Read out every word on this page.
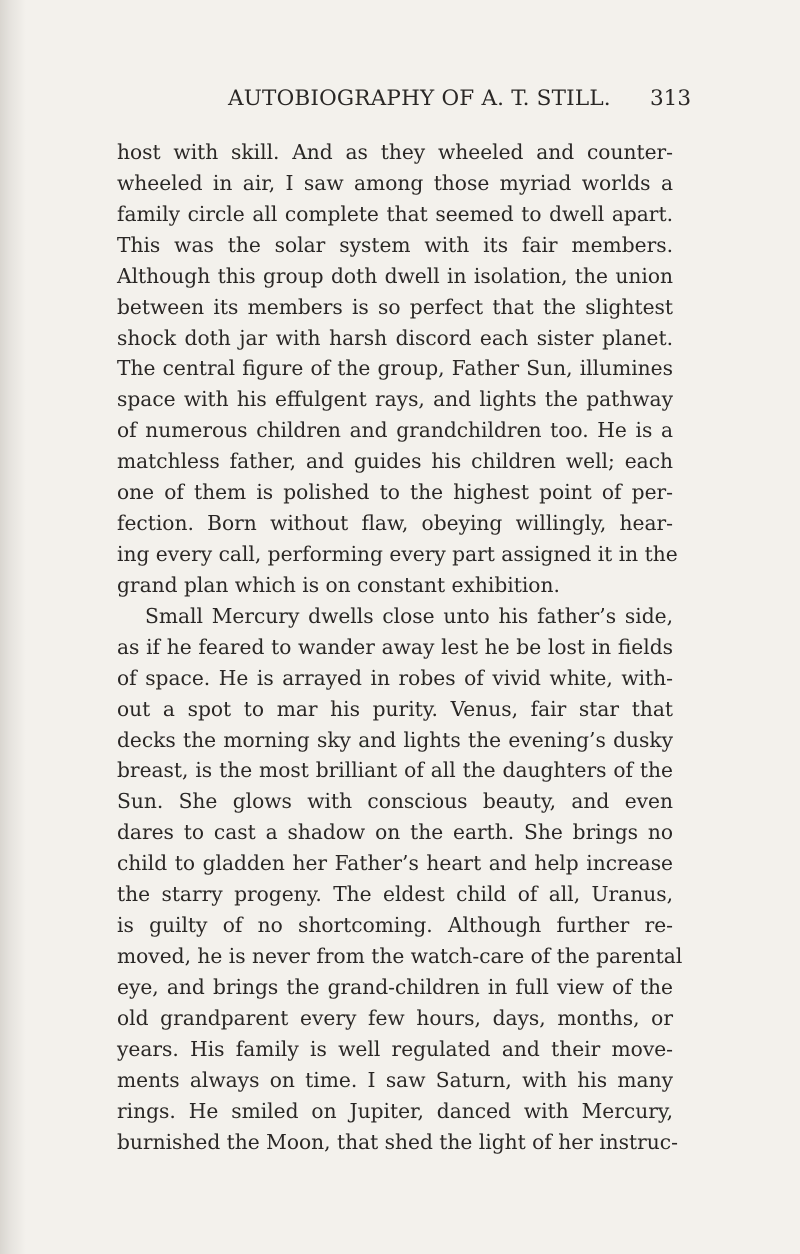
AUTOBIOGRAPHY OF A. T. STILL. 313
host with skill. And as they wheeled and counter-
wheeled in air, I saw among those myriad worlds a
family circle all complete that seemed to dwell apart.
This was the solar system with its fair members.
Although this group doth dwell in isolation, the union
between its members is so perfect that the slightest
shock doth jar with harsh discord each sister planet.
The central figure of the group, Father Sun, illumines
space with his effulgent rays, and lights the pathway
of numerous children and grandchildren too. He is a
matchless father, and guides his children well; each
one of them is polished to the highest point of per-
fection. Born without flaw, obeying willingly, hear-
ing every call, performing every part assigned it in the
grand plan which is on constant exhibition.
Small Mercury dwells close unto his father’s side,
as if he feared to wander away lest he be lost in fields
of space. He is arrayed in robes of vivid white, with-
out a spot to mar his purity. Venus, fair star that
decks the morning sky and lights the evening’s dusky
breast, is the most brilliant of all the daughters of the
Sun. She glows with conscious beauty, and even
dares to cast a shadow on the earth. She brings no
child to gladden her Father’s heart and help increase
the starry progeny. The eldest child of all, Uranus,
is guilty of no shortcoming. Although further re-
moved, he is never from the watch-care of the parental
eye, and brings the grand-children in full view of the
old grandparent every few hours, days, months, or
years. His family is well regulated and their move-
ments always on time. I saw Saturn, with his many
rings. He smiled on Jupiter, danced with Mercury,
burnished the Moon, that shed the light of her instruc-
